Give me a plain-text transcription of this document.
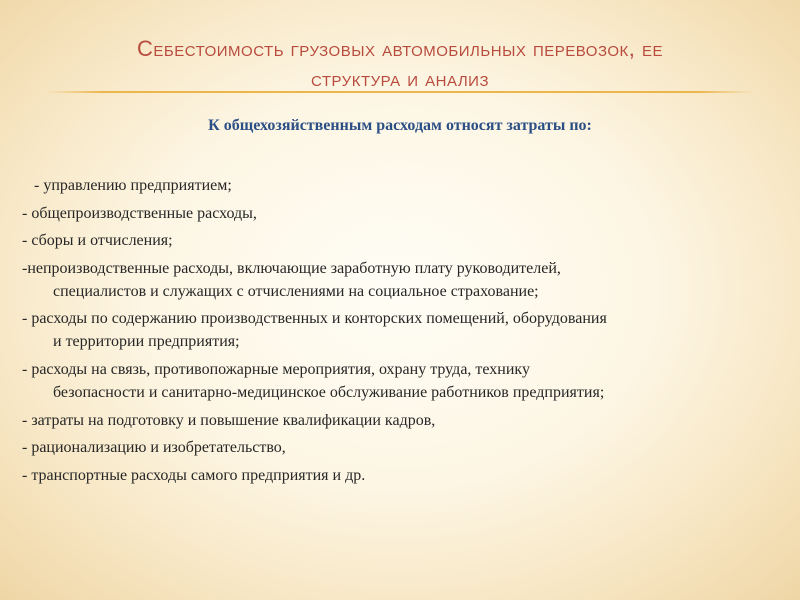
Себестоимость грузовых автомобильных перевозок, ее
структура и анализ
К общехозяйственным расходам относят затраты по:
- управлению предприятием;
- общепроизводственные расходы,
- сборы и отчисления;
-непроизводственные расходы, включающие заработную плату руководителей,
специалистов и служащих с отчислениями на социальное страхование;
- расходы по содержанию производственных и конторских помещений, оборудования
и территории предприятия;
- расходы на связь, противопожарные мероприятия, охрану труда, технику
безопасности и санитарно-медицинское обслуживание работников предприятия;
- затраты на подготовку и повышение квалификации кадров,
- рационализацию и изобретательство,
- транспортные расходы самого предприятия и др.
